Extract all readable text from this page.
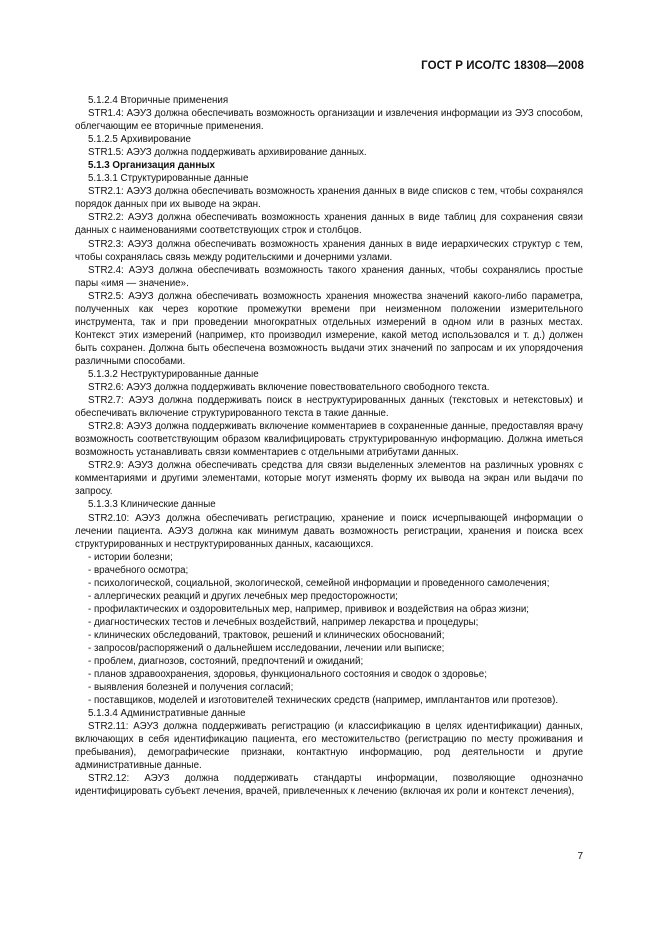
ГОСТ Р ИСО/ТС 18308—2008

5.1.2.4 Вторичные применения

STR1.4: АЭУЗ должна обеспечивать возможность организации и извлечения информации из ЭУЗ способом, облегчающим ее вторичные применения.

5.1.2.5 Архивирование

STR1.5: АЭУЗ должна поддерживать архивирование данных.

5.1.3 Организация данных

5.1.3.1 Структурированные данные

STR2.1: АЭУЗ должна обеспечивать возможность хранения данных в виде списков с тем, чтобы сохранялся порядок данных при их выводе на экран.

STR2.2: АЭУЗ должна обеспечивать возможность хранения данных в виде таблиц для сохранения связи данных с наименованиями соответствующих строк и столбцов.

STR2.3: АЭУЗ должна обеспечивать возможность хранения данных в виде иерархических структур с тем, чтобы сохранялась связь между родительскими и дочерними узлами.

STR2.4: АЭУЗ должна обеспечивать возможность такого хранения данных, чтобы сохранялись простые пары «имя — значение».

STR2.5: АЭУЗ должна обеспечивать возможность хранения множества значений какого-либо параметра, полученных как через короткие промежутки времени при неизменном положении измерительного инструмента, так и при проведении многократных отдельных измерений в одном или в разных местах. Контекст этих измерений (например, кто производил измерение, какой метод использовался и т. д.) должен быть сохранен. Должна быть обеспечена возможность выдачи этих значений по запросам и их упорядочения различными способами.

5.1.3.2 Неструктурированные данные

STR2.6: АЭУЗ должна поддерживать включение повествовательного свободного текста.

STR2.7: АЭУЗ должна поддерживать поиск в неструктурированных данных (текстовых и нетекстовых) и обеспечивать включение структурированного текста в такие данные.

STR2.8: АЭУЗ должна поддерживать включение комментариев в сохраненные данные, предоставляя врачу возможность соответствующим образом квалифицировать структурированную информацию. Должна иметься возможность устанавливать связи комментариев с отдельными атрибутами данных.

STR2.9: АЭУЗ должна обеспечивать средства для связи выделенных элементов на различных уровнях с комментариями и другими элементами, которые могут изменять форму их вывода на экран или выдачи по запросу.

5.1.3.3 Клинические данные

STR2.10: АЭУЗ должна обеспечивать регистрацию, хранение и поиск исчерпывающей информации о лечении пациента. АЭУЗ должна как минимум давать возможность регистрации, хранения и поиска всех структурированных и неструктурированных данных, касающихся.

- истории болезни;

- врачебного осмотра;

- психологической, социальной, экологической, семейной информации и проведенного самолечения;

- аллергических реакций и других лечебных мер предосторожности;

- профилактических и оздоровительных мер, например, прививок и воздействия на образ жизни;

- диагностических тестов и лечебных воздействий, например лекарства и процедуры;

- клинических обследований, трактовок, решений и клинических обоснований;

- запросов/распоряжений о дальнейшем исследовании, лечении или выписке;

- проблем, диагнозов, состояний, предпочтений и ожиданий;

- планов здравоохранения, здоровья, функционального состояния и сводок о здоровье;

- выявления болезней и получения согласий;

- поставщиков, моделей и изготовителей технических средств (например, имплантантов или протезов).

5.1.3.4 Административные данные

STR2.11: АЭУЗ должна поддерживать регистрацию (и классификацию в целях идентификации) данных, включающих в себя идентификацию пациента, его местожительство (регистрацию по месту проживания и пребывания), демографические признаки, контактную информацию, род деятельности и другие административные данные.

STR2.12: АЭУЗ должна поддерживать стандарты информации, позволяющие однозначно идентифицировать субъект лечения, врачей, привлеченных к лечению (включая их роли и контекст лечения),

7
